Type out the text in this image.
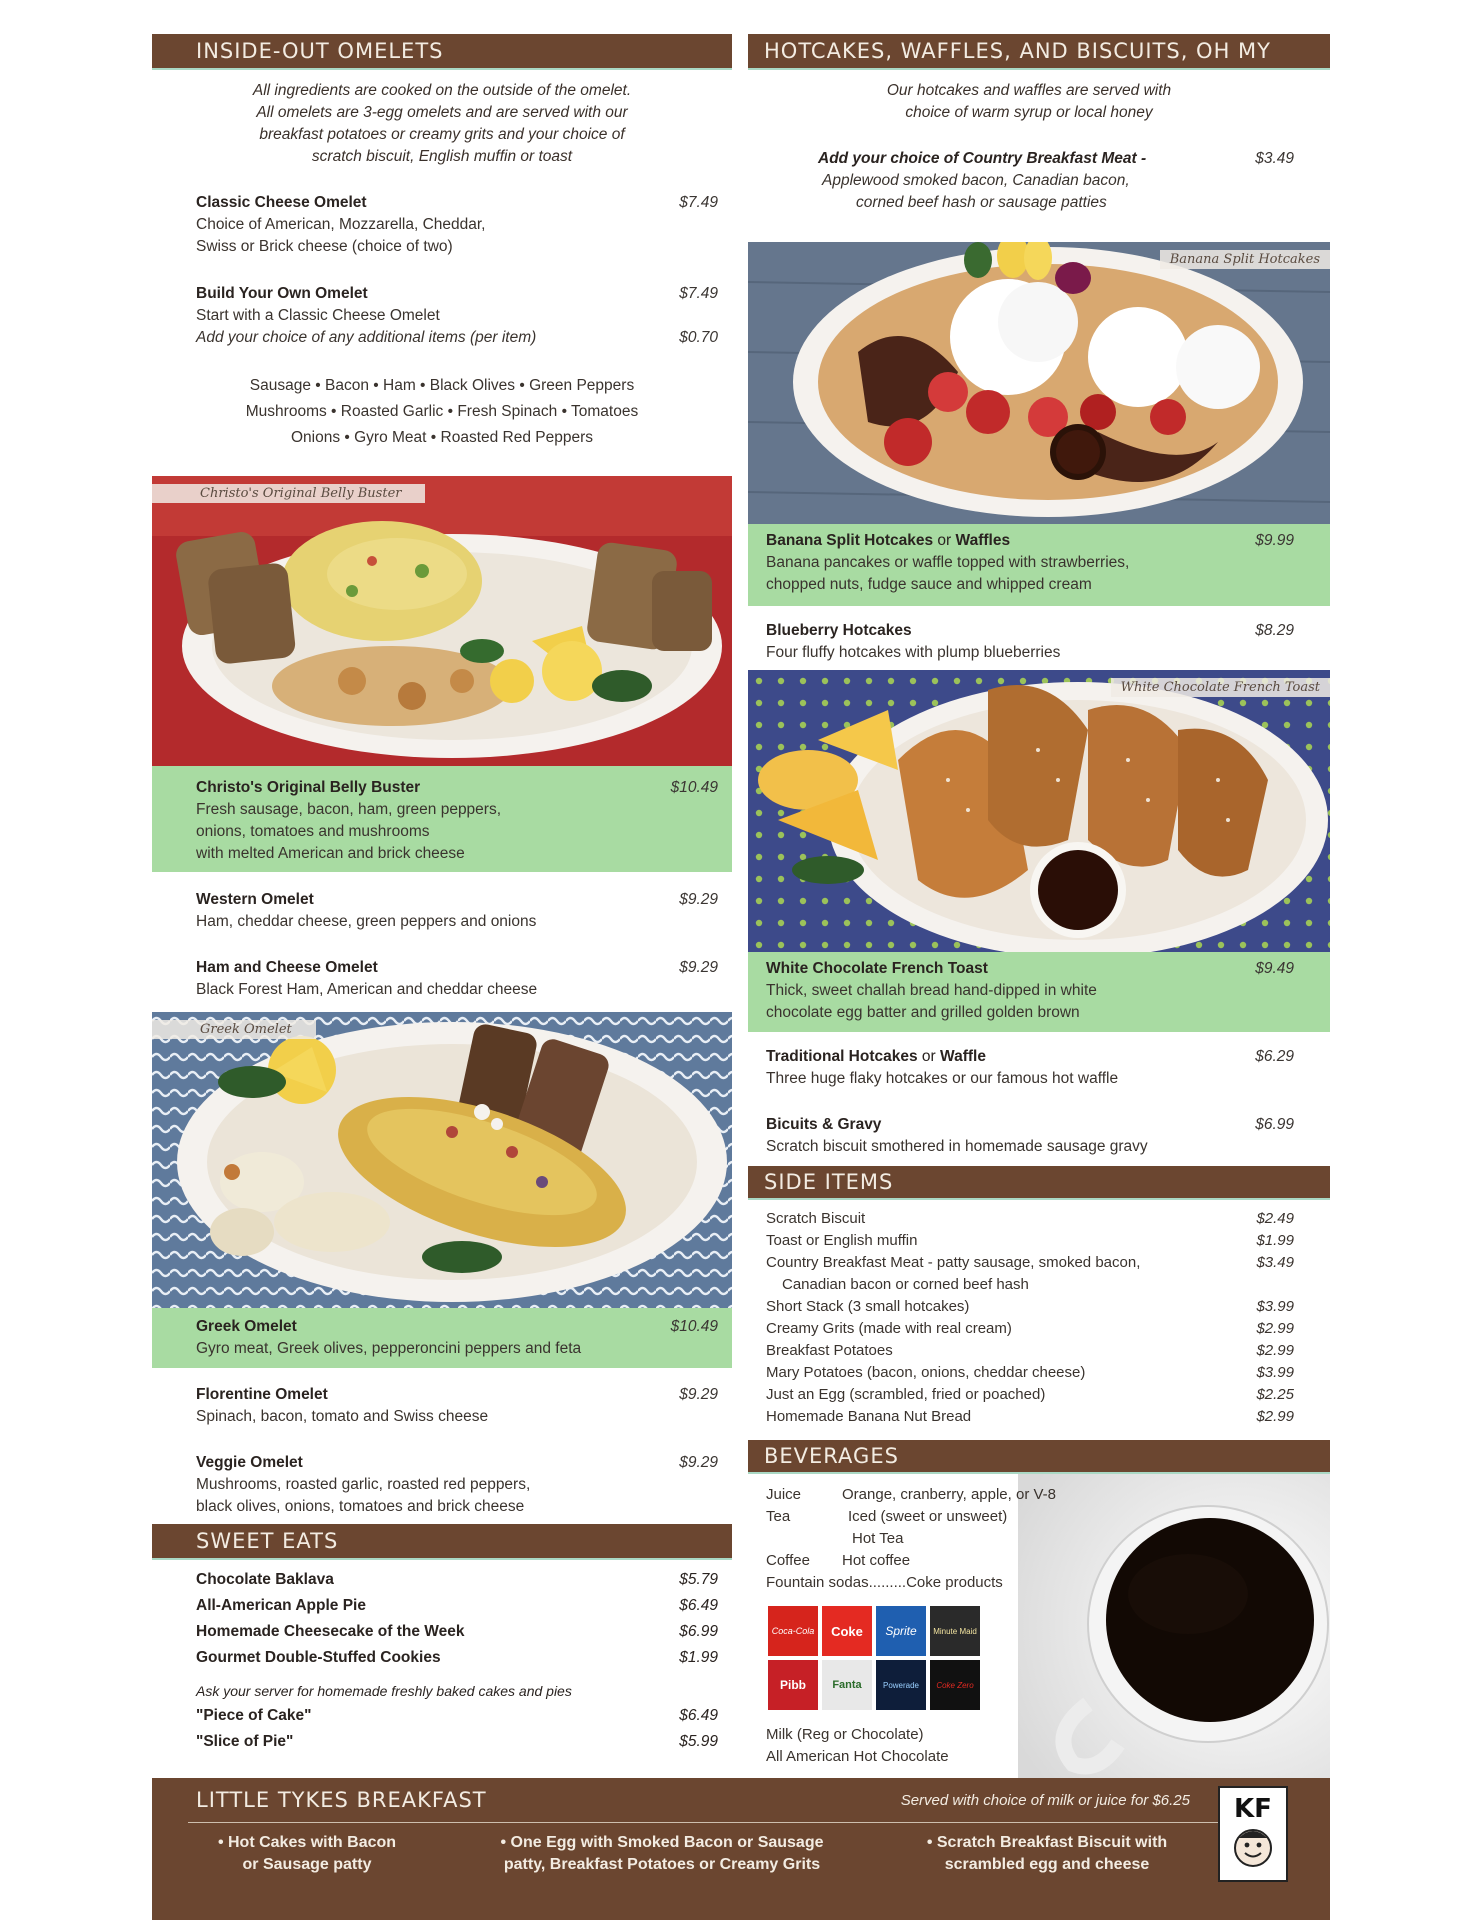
INSIDE-OUT OMELETS
All ingredients are cooked on the outside of the omelet.
All omelets are 3-egg omelets and are served with our
breakfast potatoes or creamy grits and your choice of
scratch biscuit, English muffin or toast
Classic Cheese Omelet	$7.49
Choice of American, Mozzarella, Cheddar,
Swiss or Brick cheese (choice of two)
Build Your Own Omelet	$7.49
Start with a Classic Cheese Omelet
Add your choice of any additional items (per item)	$0.70
Sausage • Bacon • Ham • Black Olives • Green Peppers
Mushrooms • Roasted Garlic • Fresh Spinach • Tomatoes
Onions • Gyro Meat • Roasted Red Peppers
Christo's Original Belly Buster
Christo's Original Belly Buster	$10.49
Fresh sausage, bacon, ham, green peppers,
onions, tomatoes and mushrooms
with melted American and brick cheese
Western Omelet	$9.29
Ham, cheddar cheese, green peppers and onions
Ham and Cheese Omelet	$9.29
Black Forest Ham, American and cheddar cheese
Greek Omelet
Greek Omelet	$10.49
Gyro meat, Greek olives, pepperoncini peppers and feta
Florentine Omelet	$9.29
Spinach, bacon, tomato and Swiss cheese
Veggie Omelet	$9.29
Mushrooms, roasted garlic, roasted red peppers,
black olives, onions, tomatoes and brick cheese
SWEET EATS
Chocolate Baklava	$5.79
All-American Apple Pie	$6.49
Homemade Cheesecake of the Week	$6.99
Gourmet Double-Stuffed Cookies	$1.99
Ask your server for homemade freshly baked cakes and pies
"Piece of Cake"	$6.49
"Slice of Pie"	$5.99
HOTCAKES, WAFFLES, AND BISCUITS, OH MY
Our hotcakes and waffles are served with
choice of warm syrup or local honey
Add your choice of Country Breakfast Meat -	$3.49
Applewood smoked bacon, Canadian bacon,
corned beef hash or sausage patties
Banana Split Hotcakes
Banana Split Hotcakes or Waffles	$9.99
Banana pancakes or waffle topped with strawberries,
chopped nuts, fudge sauce and whipped cream
Blueberry Hotcakes	$8.29
Four fluffy hotcakes with plump blueberries
White Chocolate French Toast
White Chocolate French Toast	$9.49
Thick, sweet challah bread hand-dipped in white
chocolate egg batter and grilled golden brown
Traditional Hotcakes or Waffle	$6.29
Three huge flaky hotcakes or our famous hot waffle
Bicuits & Gravy	$6.99
Scratch biscuit smothered in homemade sausage gravy
SIDE ITEMS
Scratch Biscuit	$2.49
Toast or English muffin	$1.99
Country Breakfast Meat - patty sausage, smoked bacon,	$3.49
Canadian bacon or corned beef hash
Short Stack (3 small hotcakes)	$3.99
Creamy Grits (made with real cream)	$2.99
Breakfast Potatoes	$2.99
Mary Potatoes (bacon, onions, cheddar cheese)	$3.99
Just an Egg (scrambled, fried or poached)	$2.25
Homemade Banana Nut Bread	$2.99
BEVERAGES
Juice	Orange, cranberry, apple, or V-8
Tea	Iced (sweet or unsweet)
Hot Tea
Coffee Hot coffee
Fountain sodas.........Coke products
Coca-Cola Coke Sprite Minute Maid
Pibb Fanta	Powerade Coke Zero
Milk (Reg or Chocolate)
All American Hot Chocolate
LITTLE TYKES BREAKFAST	Served with choice of milk or juice for $6.25
• Hot Cakes with Bacon
or Sausage patty
• One Egg with Smoked Bacon or Sausage
patty, Breakfast Potatoes or Creamy Grits
• Scratch Breakfast Biscuit with
scrambled egg and cheese
KF
